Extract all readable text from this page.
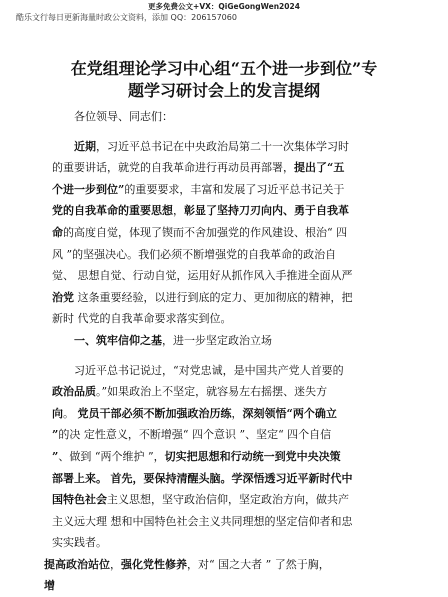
更多免费公文+VX：QiGeGongWen2024
酷乐文行每日更新海量时政公文资料，添加 QQ：206157060
在党组理论学习中心组“五个进一步到位”专
题学习研讨会上的发言提纲
各位领导、同志们：
近期，习近平总书记在中央政治局第二十一次集体学习时
的重要讲话，就党的自我革命进行再动员再部署，提出了“五
个进一步到位”的重要要求，丰富和发展了习近平总书记关于
党的自我革命的重要思想，彰显了坚持刀刃向内、勇于自我革
命的高度自觉，体现了锲而不舍加强党的作风建设、根治“ 四
风 ”的坚强决心。我们必须不断增强党的自我革命的政治自
觉、 思想自觉、行动自觉，运用好从抓作风入手推进全面从严
治党 这条重要经验，以进行到底的定力、更加彻底的精神，把
新时 代党的自我革命要求落实到位。
一、筑牢信仰之基，进一步坚定政治立场
习近平总书记说过，“对党忠诚，是中国共产党人首要的
政治品质。”如果政治上不坚定，就容易左右摇摆、迷失方
向。 党员干部必须不断加强政治历练，深刻领悟“两个确立
”的决 定性意义，不断增强“ 四个意识 ”、坚定“ 四个自信
”、做到 “两个维护 ”，切实把思想和行动统一到党中央决策
部署上来。 首先，要保持清醒头脑。学深悟透习近平新时代中
国特色社会主义思想，坚守政治信仰，坚定政治方向，做共产
主义远大理 想和中国特色社会主义共同理想的坚定信仰者和忠
实实践者。
提高政治站位，强化党性修养，对“ 国之大者 ” 了然于胸，
增
